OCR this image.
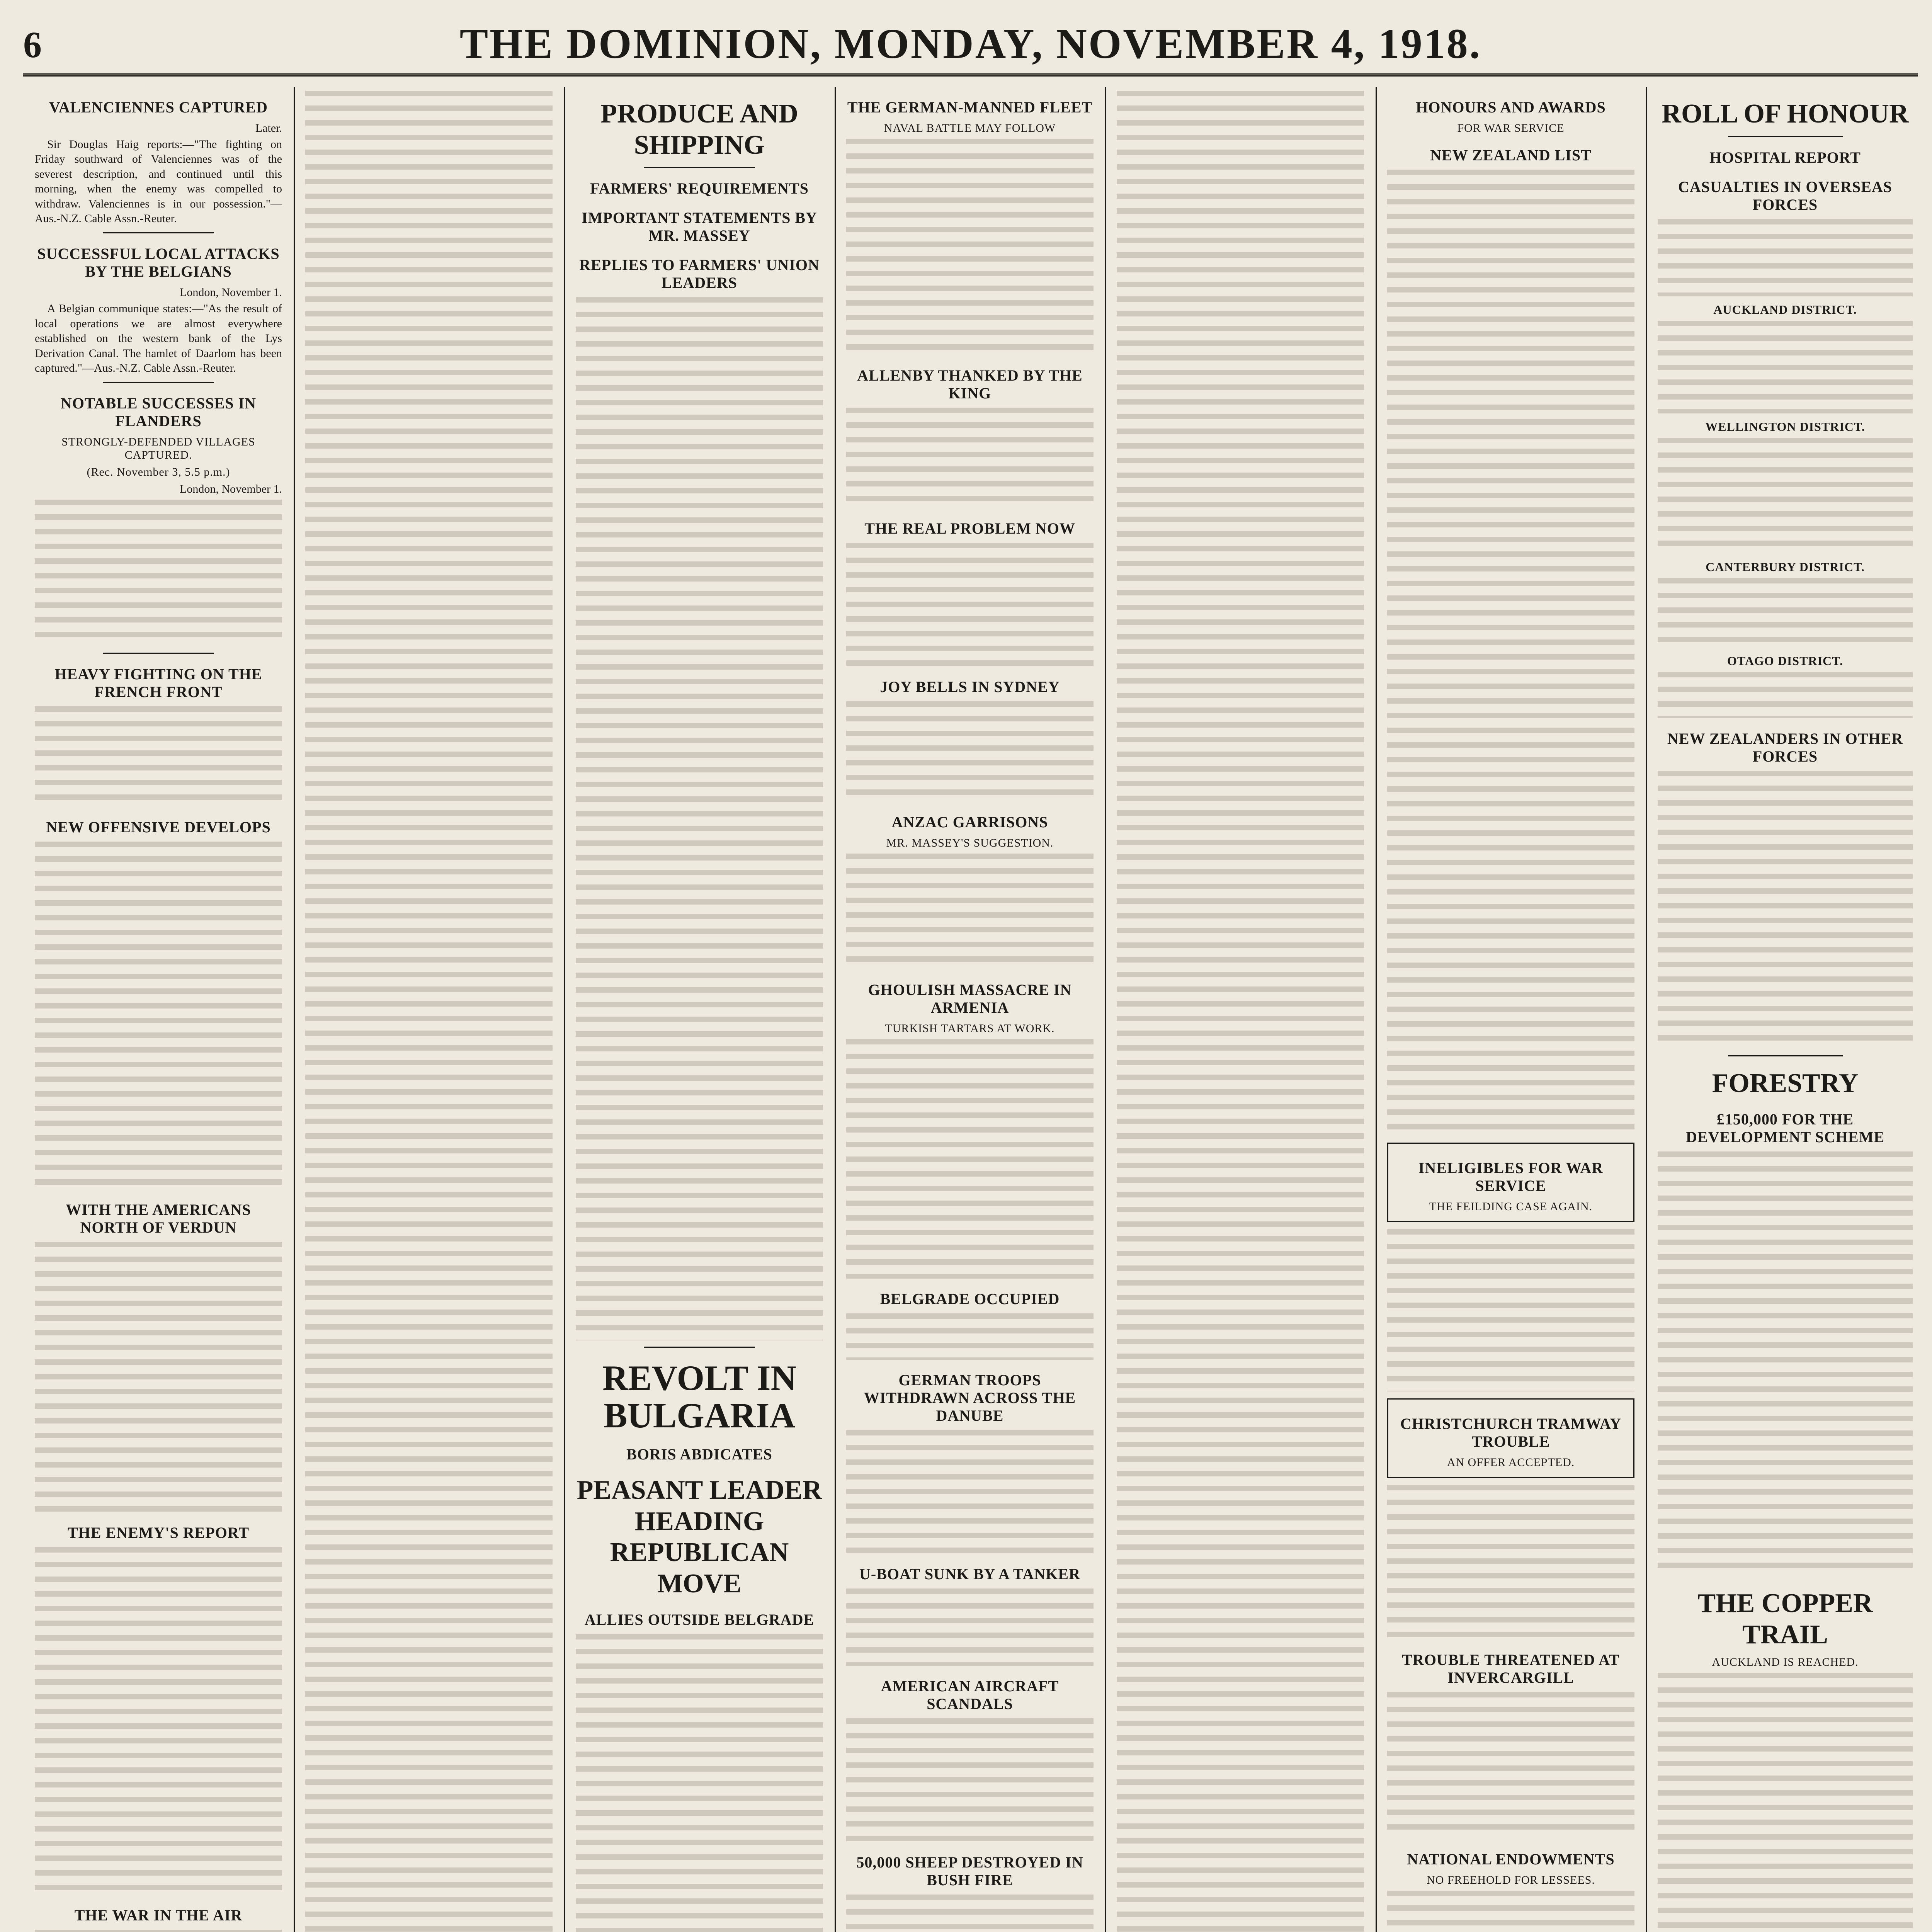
6	THE DOMINION, MONDAY, NOVEMBER 4, 1918.
VALENCIENNES CAPTURED
Later.

Sir Douglas Haig reports:—"The fighting on Friday southward of Valenciennes was of the severest description, and continued until this morning, when the enemy was compelled to withdraw. Valenciennes is in our possession."—Aus.-N.Z. Cable Assn.-Reuter.

SUCCESSFUL LOCAL ATTACKS BY THE BELGIANS
London, November 1.

A Belgian communique states:—"As the result of local operations we are almost everywhere established on the western bank of the Lys Derivation Canal. The hamlet of Daarlom has been captured."—Aus.-N.Z. Cable Assn.-Reuter.

NOTABLE SUCCESSES IN FLANDERS
STRONGLY-DEFENDED VILLAGES CAPTURED.
(Rec. November 3, 5.5 p.m.)
London, November 1.
HEAVY FIGHTING ON THE FRENCH FRONT
NEW OFFENSIVE DEVELOPS
WITH THE AMERICANS NORTH OF VERDUN
THE ENEMY'S REPORT
THE WAR IN THE AIR
PRODUCE AND SHIPPING
FARMERS' REQUIREMENTS
IMPORTANT STATEMENTS BY MR. MASSEY
REPLIES TO FARMERS' UNION LEADERS
REVOLT IN BULGARIA
BORIS ABDICATES
PEASANT LEADER HEADING REPUBLICAN MOVE
ALLIES OUTSIDE BELGRADE
THE GERMAN-MANNED FLEET
NAVAL BATTLE MAY FOLLOW
ALLENBY THANKED BY THE KING
THE REAL PROBLEM NOW
JOY BELLS IN SYDNEY
ANZAC GARRISONS
MR. MASSEY'S SUGGESTION.
GHOULISH MASSACRE IN ARMENIA
TURKISH TARTARS AT WORK.
BELGRADE OCCUPIED
GERMAN TROOPS WITHDRAWN ACROSS THE DANUBE
U-BOAT SUNK BY A TANKER
AMERICAN AIRCRAFT SCANDALS
50,000 SHEEP DESTROYED IN BUSH FIRE
HONOURS AND AWARDS
FOR WAR SERVICE
NEW ZEALAND LIST
INELIGIBLES FOR WAR SERVICE
THE FEILDING CASE AGAIN.
CHRISTCHURCH TRAMWAY TROUBLE
AN OFFER ACCEPTED.
TROUBLE THREATENED AT INVERCARGILL
NATIONAL ENDOWMENTS
NO FREEHOLD FOR LESSEES.
ROLL OF HONOUR
HOSPITAL REPORT
CASUALTIES IN OVERSEAS FORCES
AUCKLAND DISTRICT.
WELLINGTON DISTRICT.
CANTERBURY DISTRICT.
OTAGO DISTRICT.
NEW ZEALANDERS IN OTHER FORCES
FORESTRY
£150,000 FOR THE DEVELOPMENT SCHEME
THE COPPER TRAIL
AUCKLAND IS REACHED.
